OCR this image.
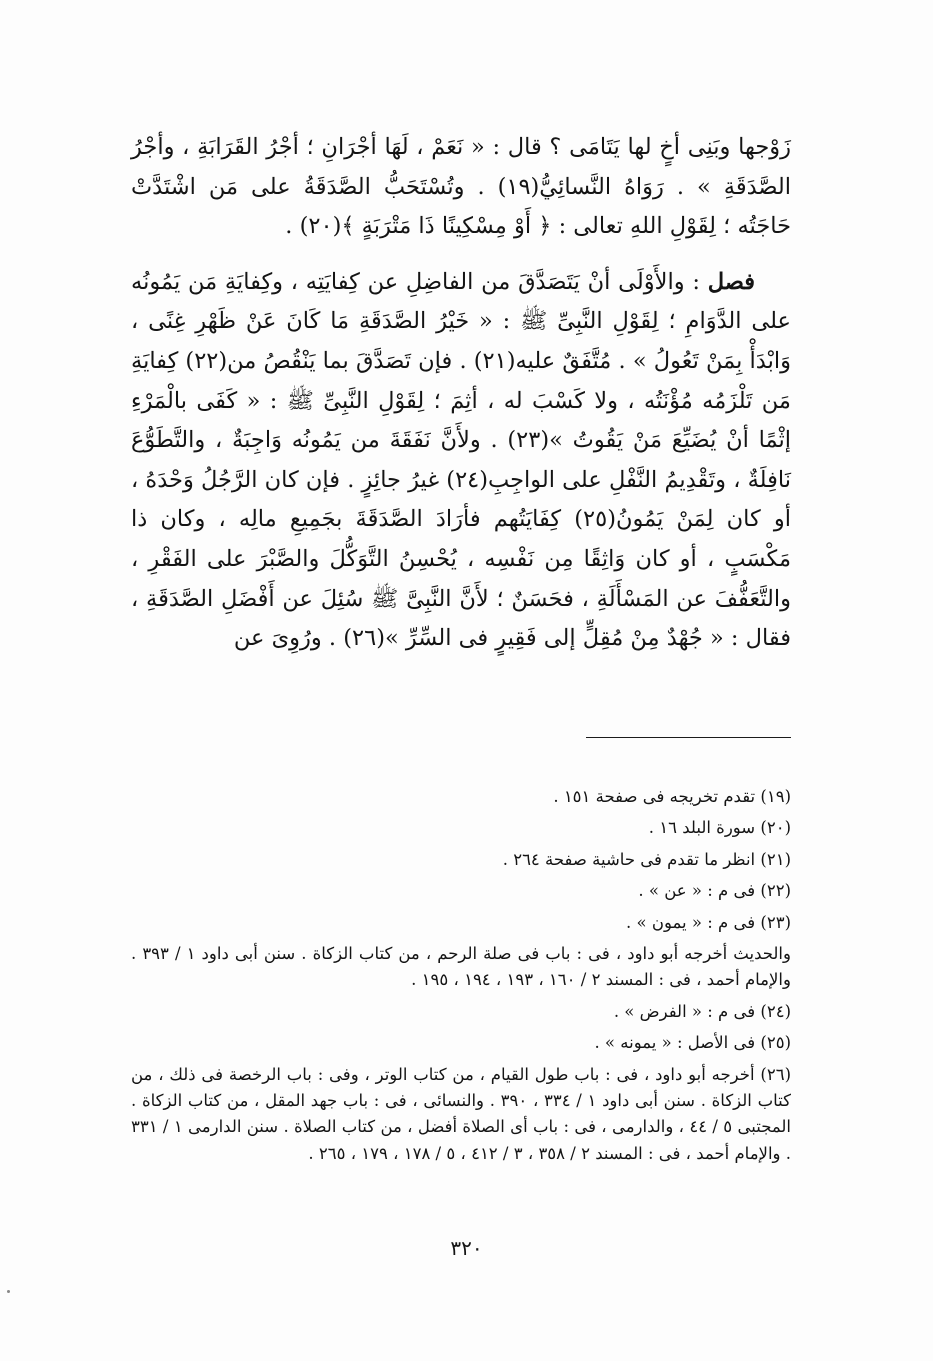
زَوْجها وبَنِى أخٍ لها يَتَامَى ؟ قال : « نَعَمْ ، لَهَا أجْرَانِ ؛ أجْرُ القَرَابَةِ ، وأجْرُ الصَّدَقَةِ » . رَوَاهُ النَّسائِيُّ(١٩) . وتُسْتَحَبُّ الصَّدَقَةُ على مَن اشْتَدَّتْ حَاجَتُه ؛ لِقَوْلِ اللهِ تعالى : ﴿ أَوْ مِسْكِينًا ذَا مَتْرَبَةٍ ﴾(٢٠) .

فصل : والأَوْلَى أنْ يَتَصَدَّقَ من الفاضِلِ عن كِفايَتِه ، وكِفايَةِ مَن يَمُونُه على الدَّوَامِ ؛ لِقَوْلِ النَّبِىِّ ﷺ : « خَيْرُ الصَّدَقَةِ مَا كَانَ عَنْ ظَهْرِ غِنًى ، وَابْدَأْ بِمَنْ تَعُولُ » . مُتَّفَقٌ عليه(٢١) . فإن تَصَدَّقَ بما يَنْقُصُ من(٢٢) كِفايَةِ مَن تَلْزَمُه مُؤْنَتُه ، ولا كَسْبَ له ، أثِمَ ؛ لِقَوْلِ النَّبِىِّ ﷺ : « كَفَى بالْمَرْءِ إثْمًا أنْ يُضَيِّعَ مَنْ يَقُوتُ »(٢٣) . ولأَنَّ نَفَقَةَ من يَمُونُه وَاجِبَةٌ ، والتَّطَوُّعَ نَافِلَةٌ ، وتَقْدِيمُ النَّفْلِ على الواجِبِ(٢٤) غيرُ جائِزٍ . فإن كان الرَّجُلُ وَحْدَهُ ، أو كان لِمَنْ يَمُونُ(٢٥) كِفَايَتُهم فأرَادَ الصَّدَقَةَ بجَمِيعِ مالِه ، وكان ذا مَكْسَبٍ ، أو كان وَاثِقًا مِن نَفْسِه ، يُحْسِنُ التَّوَكُّلَ والصَّبْرَ على الفَقْرِ ، والتَّعَفُّفَ عن المَسْأَلَةِ ، فحَسَنٌ ؛ لأَنَّ النَّبِىَّ ﷺ سُئِلَ عن أَفْضَلِ الصَّدَقَةِ ، فقال : « جُهْدٌ مِنْ مُقِلٍّ إلى فَقِيرٍ فى السِّرِّ »(٢٦) . ورُوِىَ عن

(١٩) تقدم تخريجه فى صفحة ١٥١ .

(٢٠) سورة البلد ١٦ .

(٢١) انظر ما تقدم فى حاشية صفحة ٢٦٤ .

(٢٢) فى م : « عن » .

(٢٣) فى م : « يمون » .

والحديث أخرجه أبو داود ، فى : باب فى صلة الرحم ، من كتاب الزكاة . سنن أبى داود ١ / ٣٩٣ . والإمام أحمد ، فى : المسند ٢ / ١٦٠ ، ١٩٣ ، ١٩٤ ، ١٩٥ .

(٢٤) فى م : « الفرض » .

(٢٥) فى الأصل : « يمونه » .

(٢٦) أخرجه أبو داود ، فى : باب طول القيام ، من كتاب الوتر ، وفى : باب الرخصة فى ذلك ، من كتاب الزكاة . سنن أبى داود ١ / ٣٣٤ ، ٣٩٠ . والنسائى ، فى : باب جهد المقل ، من كتاب الزكاة . المجتبى ٥ / ٤٤ ، والدارمى ، فى : باب أى الصلاة أفضل ، من كتاب الصلاة . سنن الدارمى ١ / ٣٣١ . والإمام أحمد ، فى : المسند ٢ / ٣٥٨ ، ٣ / ٤١٢ ، ٥ / ١٧٨ ، ١٧٩ ، ٢٦٥ .

٣٢٠
